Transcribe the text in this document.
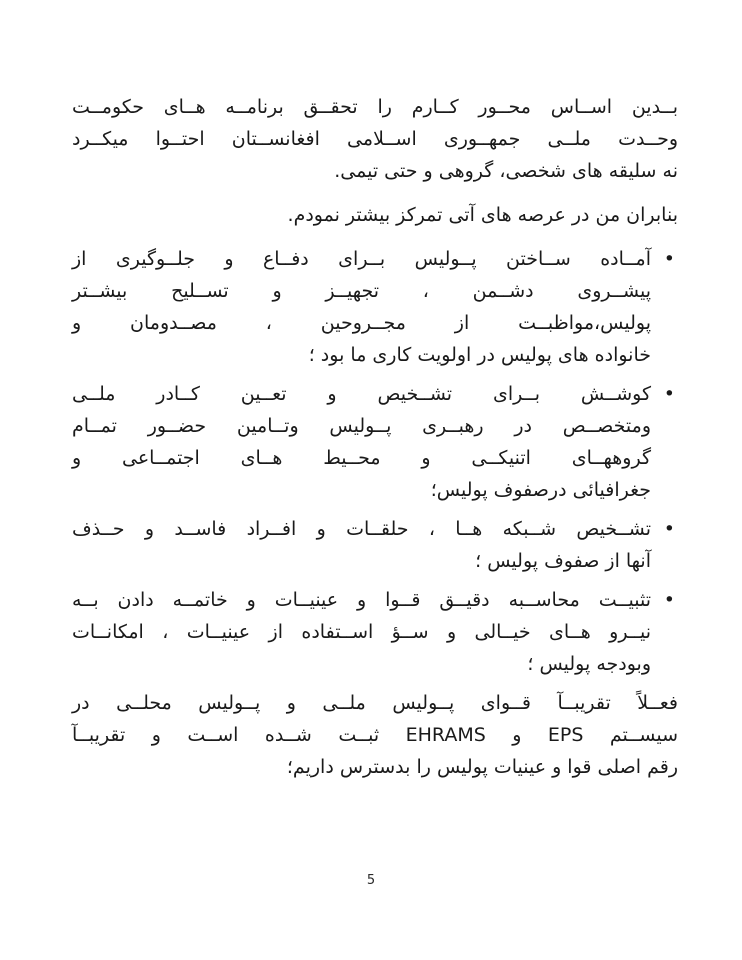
بــدین اســاس محــور کــارم را تحقــق برنامــه هــای حکومــت
وحــدت ملــی جمهــوری اســلامی افغانســتان احتــوا میکــرد
نه سلیقه های شخصی، گروهی و حتی تیمی.
بنابران من در عرصه های آتی تمرکز بیشتر نمودم.
•
آمــاده ســاختن پــولیس بــرای دفــاع و جلــوگیری از
پیشــروی دشــمن ، تجهیــز و تســلیح بیشــتر
پولیس،مواظبــت از مجــروحین ، مصــدومان و
خانواده های پولیس در اولویت کاری ما بود ؛
•
کوشــش بــرای تشــخیص و تعــین کــادر ملــی
ومتخصــص در رهبــری پــولیس وتــامین حضــور تمــام
گروههــای اتنیکــی و محــیط هــای اجتمــاعی و
جغرافیائی درصفوف پولیس؛
•
تشــخیص شــبکه هــا ، حلقــات و افــراد فاســد و حــذف
آنها از صفوف پولیس ؛
•
تثبیــت محاســبه دقیــق قــوا و عینیــات و خاتمــه دادن بــه
نیــرو هــای خیــالی و ســؤ اســتفاده از عینیــات ، امکانــات
وبودجه پولیس ؛
فعــلاً تقریبــآ قــوای پــولیس ملــی و پــولیس محلــی در
سیســتم EPS و EHRAMS ثبــت شــده اســت و تقریبــآ
رقم اصلی قوا و عینیات پولیس را بدسترس داریم؛
5
